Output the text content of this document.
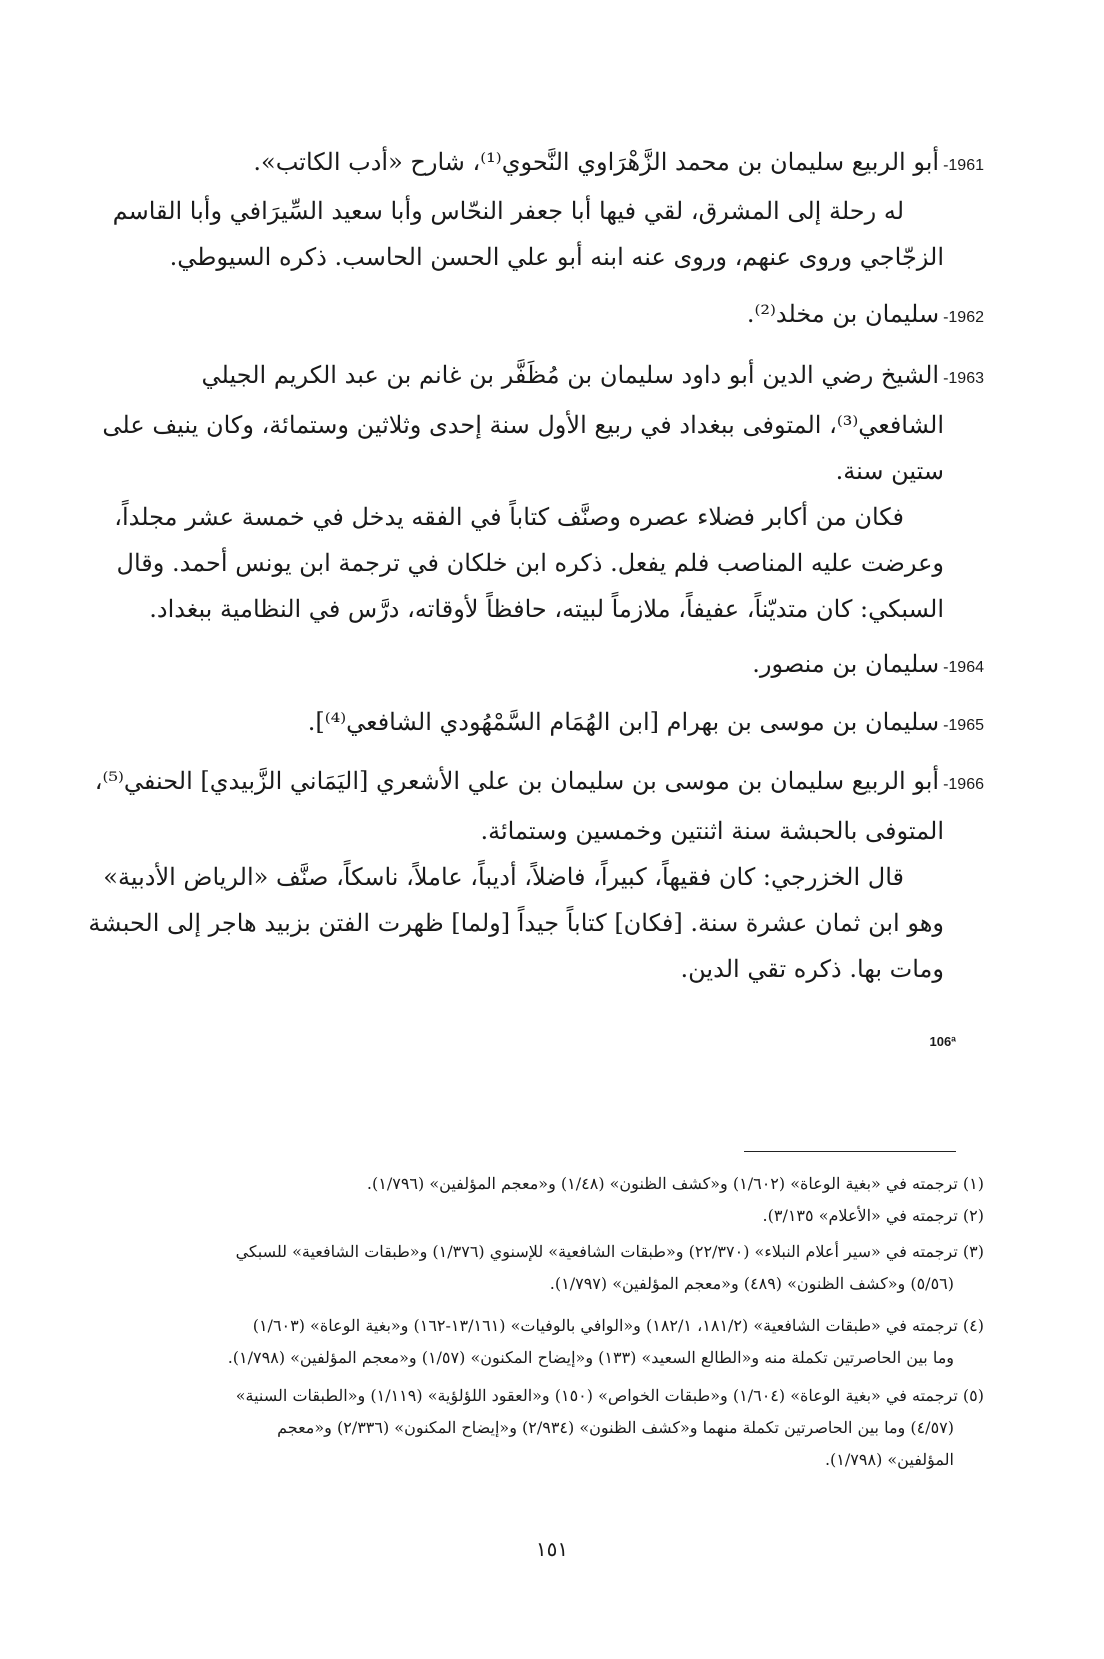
1961-أبو الربيع سليمان بن محمد الزَّهْرَاوي النَّحوي⁽¹⁾، شارح «أدب الكاتب».
له رحلة إلى المشرق، لقي فيها أبا جعفر النحّاس وأبا سعيد السِّيرَافي وأبا القاسم
الزجّاجي وروى عنهم، وروى عنه ابنه أبو علي الحسن الحاسب. ذكره السيوطي.
1962-سليمان بن مخلد⁽²⁾.
1963-الشيخ رضي الدين أبو داود سليمان بن مُظَفَّر بن غانم بن عبد الكريم الجيلي
الشافعي⁽³⁾، المتوفى ببغداد في ربيع الأول سنة إحدى وثلاثين وستمائة، وكان ينيف على
ستين سنة.
فكان من أكابر فضلاء عصره وصنَّف كتاباً في الفقه يدخل في خمسة عشر مجلداً،
وعرضت عليه المناصب فلم يفعل. ذكره ابن خلكان في ترجمة ابن يونس أحمد. وقال
السبكي: كان متديّناً، عفيفاً، ملازماً لبيته، حافظاً لأوقاته، درَّس في النظامية ببغداد.
1964-سليمان بن منصور.
1965-سليمان بن موسى بن بهرام [ابن الهُمَام السَّمْهُودي الشافعي⁽⁴⁾].
1966-أبو الربيع سليمان بن موسى بن سليمان بن علي الأشعري [اليَمَاني الزَّبيدي] الحنفي⁽⁵⁾،
المتوفى بالحبشة سنة اثنتين وخمسين وستمائة.
قال الخزرجي: كان فقيهاً، كبيراً، فاضلاً، أديباً، عاملاً، ناسكاً، صنَّف «الرياض الأدبية»
وهو ابن ثمان عشرة سنة. [فكان] كتاباً جيداً [ولما] ظهرت الفتن بزبيد هاجر إلى الحبشة
ومات بها. ذكره تقي الدين.
106ª
(١) ترجمته في «بغية الوعاة» (١/٦٠٢) و«كشف الظنون» (١/٤٨) و«معجم المؤلفين» (١/٧٩٦).
(٢) ترجمته في «الأعلام» ٣/١٣٥).
(٣) ترجمته في «سير أعلام النبلاء» (٢٢/٣٧٠) و«طبقات الشافعية» للإسنوي (١/٣٧٦) و«طبقات الشافعية» للسبكي
(٥/٥٦) و«كشف الظنون» (٤٨٩) و«معجم المؤلفين» (١/٧٩٧).
(٤) ترجمته في «طبقات الشافعية» (١٨١/٢، ١٨٢/١) و«الوافي بالوفيات» (١٣/١٦١-١٦٢) و«بغية الوعاة» (١/٦٠٣)
وما بين الحاصرتين تكملة منه و«الطالع السعيد» (١٣٣) و«إيضاح المكنون» (١/٥٧) و«معجم المؤلفين» (١/٧٩٨).
(٥) ترجمته في «بغية الوعاة» (١/٦٠٤) و«طبقات الخواص» (١٥٠) و«العقود اللؤلؤية» (١/١١٩) و«الطبقات السنية»
(٤/٥٧) وما بين الحاصرتين تكملة منهما و«كشف الظنون» (٢/٩٣٤) و«إيضاح المكنون» (٢/٣٣٦) و«معجم
المؤلفين» (١/٧٩٨).
١٥١
